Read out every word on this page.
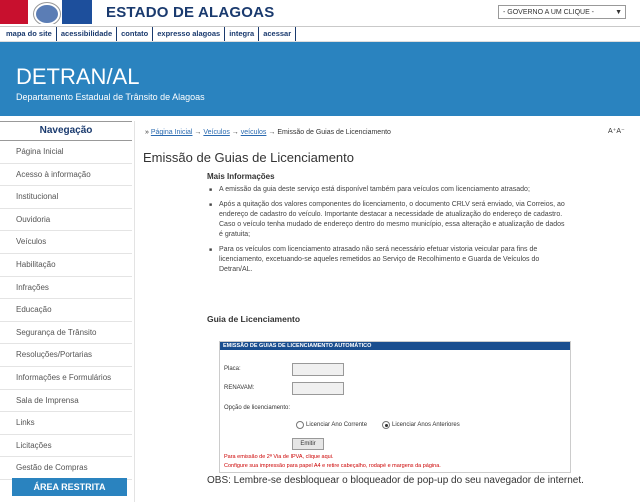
ESTADO DE ALAGOAS	- GOVERNO A UM CLIQUE -	▼
mapa do site acessibilidade contato expresso alagoas integra acessar
DETRAN/AL
Departamento Estadual de Trânsito de Alagoas
Navegação
Página Inicial
Acesso à informação
Institucional
Ouvidoria
Veículos
Habilitação
Infrações
Educação
Segurança de Trânsito
Resoluções/Portarias
Informações e Formulários
Sala de Imprensa
Links
Licitações
Gestão de Compras
ÁREA RESTRITA
» Página Inicial → Veículos → veículos → Emissão de Guias de Licenciamento	A⁺A⁻
Emissão de Guias de Licenciamento
Mais Informações
■ A emissão da guia deste serviço está disponível também para veículos com licenciamento atrasado;
■ Após a quitação dos valores componentes do licenciamento, o documento CRLV será enviado, via Correios, ao endereço de cadastro do veículo. Importante destacar a necessidade de atualização do endereço de cadastro. Caso o veículo tenha mudado de endereço dentro do mesmo município, essa alteração e atualização de dados é gratuita;
■ Para os veículos com licenciamento atrasado não será necessário efetuar vistoria veicular para fins de licenciamento, excetuando-se aqueles remetidos ao Serviço de Recolhimento e Guarda de Veículos do Detran/AL.
Guia de Licenciamento
EMISSÃO DE GUIAS DE LICENCIAMENTO AUTOMÁTICO
Placa:
RENAVAM:
Opção de licenciamento:
Licenciar Ano Corrente	Licenciar Anos Anteriores
Emitir
Para emissão de 2ª Via de IPVA, clique aqui.
Configure sua impressão para papel A4 e retire cabeçalho, rodapé e margens da página.
OBS: Lembre-se desbloquear o bloqueador de pop-up do seu navegador de internet.
